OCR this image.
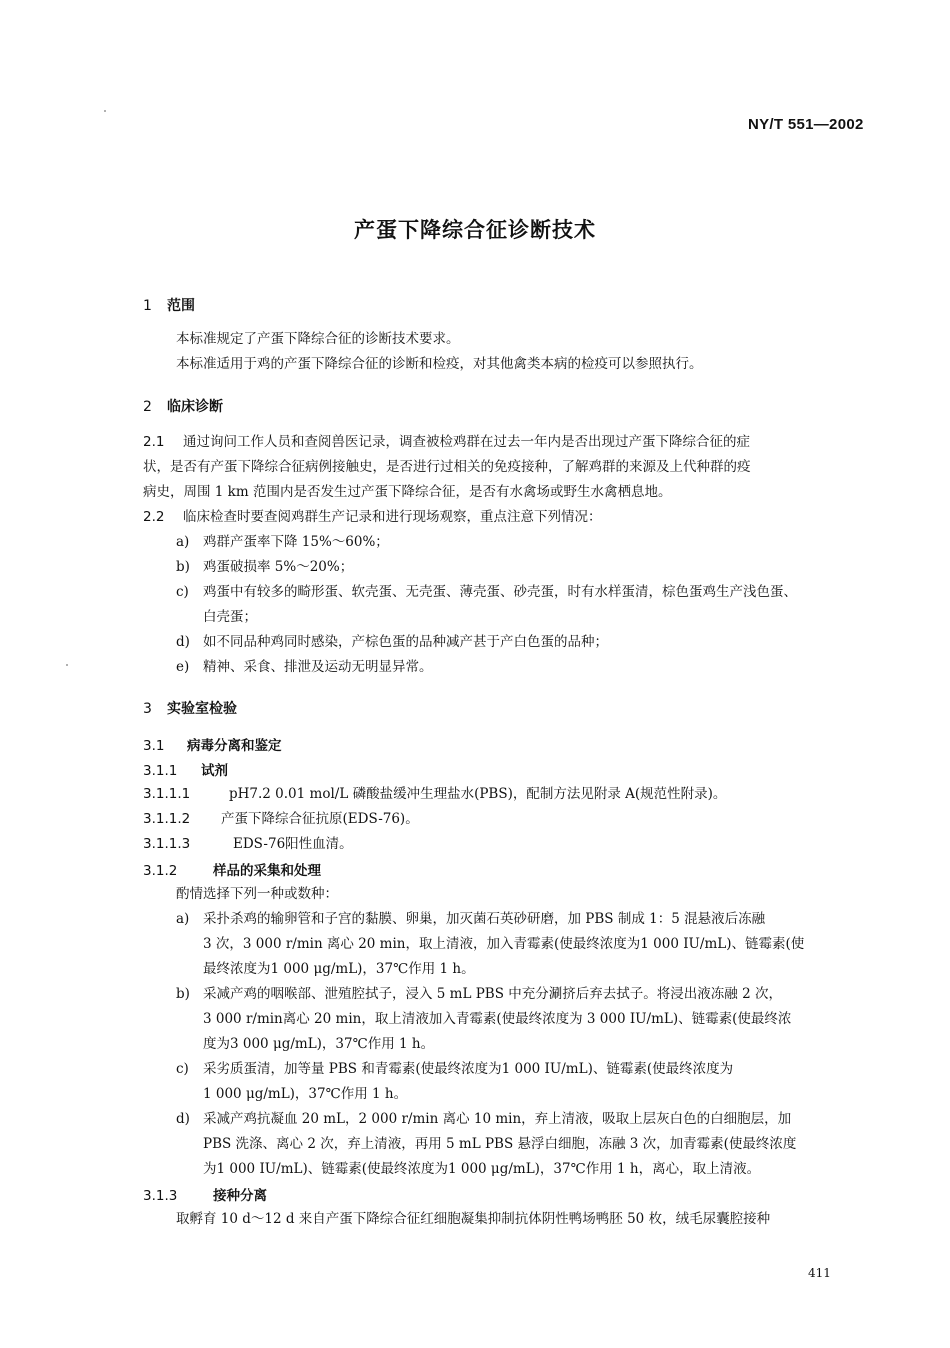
NY/T 551—2002
产蛋下降综合征诊断技术
1 范围
本标准规定了产蛋下降综合征的诊断技术要求。
本标准适用于鸡的产蛋下降综合征的诊断和检疫，对其他禽类本病的检疫可以参照执行。
2 临床诊断
2.1 通过询问工作人员和查阅兽医记录，调查被检鸡群在过去一年内是否出现过产蛋下降综合征的症
状，是否有产蛋下降综合征病例接触史，是否进行过相关的免疫接种，了解鸡群的来源及上代种群的疫
病史，周围 1 km 范围内是否发生过产蛋下降综合征，是否有水禽场或野生水禽栖息地。
2.2 临床检查时要查阅鸡群生产记录和进行现场观察，重点注意下列情况：
a) 鸡群产蛋率下降 15%～60%；
b) 鸡蛋破损率 5%～20%；
c) 鸡蛋中有较多的畸形蛋、软壳蛋、无壳蛋、薄壳蛋、砂壳蛋，时有水样蛋清，棕色蛋鸡生产浅色蛋、
白壳蛋；
d) 如不同品种鸡同时感染，产棕色蛋的品种减产甚于产白色蛋的品种；
e) 精神、采食、排泄及运动无明显异常。
3 实验室检验
3.1 病毒分离和鉴定
3.1.1 试剂
3.1.1.1	pH7.2 0.01 mol/L 磷酸盐缓冲生理盐水(PBS)，配制方法见附录 A(规范性附录)。
3.1.1.2 产蛋下降综合征抗原(EDS-76)。
3.1.1.3	EDS-76阳性血清。
3.1.2	样品的采集和处理
酌情选择下列一种或数种：
a) 采扑杀鸡的输卵管和子宫的黏膜、卵巢，加灭菌石英砂研磨，加 PBS 制成 1：5 混悬液后冻融
3 次，3 000 r/min 离心 20 min，取上清液，加入青霉素(使最终浓度为1 000 IU/mL)、链霉素(使
最终浓度为1 000 μg/mL)，37℃作用 1 h。
b) 采减产鸡的咽喉部、泄殖腔拭子，浸入 5 mL PBS 中充分涮挤后弃去拭子。将浸出液冻融 2 次，
3 000 r/min离心 20 min，取上清液加入青霉素(使最终浓度为 3 000 IU/mL)、链霉素(使最终浓
度为3 000 μg/mL)，37℃作用 1 h。
c) 采劣质蛋清，加等量 PBS 和青霉素(使最终浓度为1 000 IU/mL)、链霉素(使最终浓度为
1 000 μg/mL)，37℃作用 1 h。
d) 采减产鸡抗凝血 20 mL，2 000 r/min 离心 10 min，弃上清液，吸取上层灰白色的白细胞层，加
PBS 洗涤、离心 2 次，弃上清液，再用 5 mL PBS 悬浮白细胞，冻融 3 次，加青霉素(使最终浓度
为1 000 IU/mL)、链霉素(使最终浓度为1 000 μg/mL)，37℃作用 1 h，离心，取上清液。
3.1.3	接种分离
取孵育 10 d～12 d 来自产蛋下降综合征红细胞凝集抑制抗体阴性鸭场鸭胚 50 枚，绒毛尿囊腔接种
411
